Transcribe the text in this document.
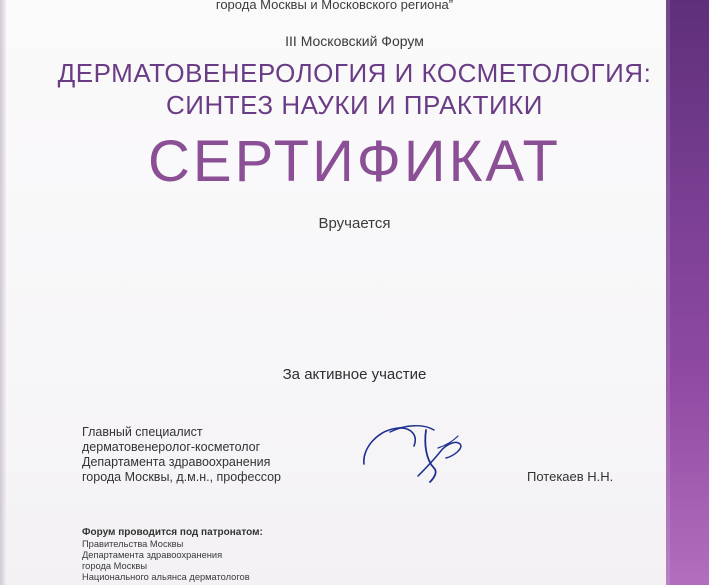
города Москвы и Московского региона”
III Московский Форум
ДЕРМАТОВЕНЕРОЛОГИЯ И КОСМЕТОЛОГИЯ:
СИНТЕЗ НАУКИ И ПРАКТИКИ
СЕРТИФИКАТ
Вручается
За активное участие
Главный специалист
дерматовенеролог-косметолог
Департамента здравоохранения
города Москвы, д.м.н., профессор	Потекаев Н.Н.
Форум проводится под патронатом:
Правительства Москвы
Департамента здравоохранения
города Москвы
Национального альянса дерматологов
